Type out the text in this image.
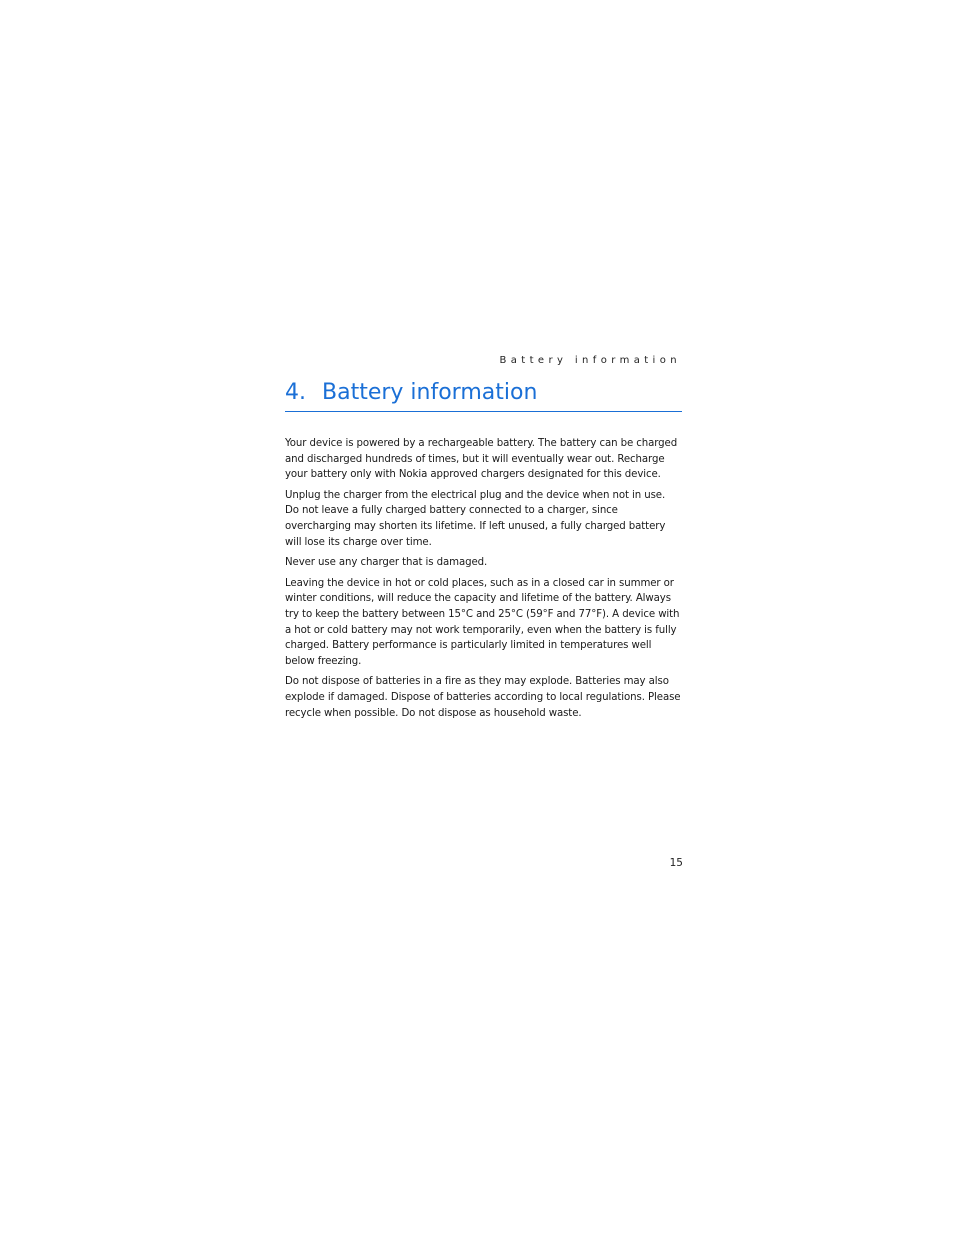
Battery information
4. Battery information

Your device is powered by a rechargeable battery. The battery can be charged and discharged hundreds of times, but it will eventually wear out. Recharge your battery only with Nokia approved chargers designated for this device.

Unplug the charger from the electrical plug and the device when not in use. Do not leave a fully charged battery connected to a charger, since overcharging may shorten its lifetime. If left unused, a fully charged battery will lose its charge over time.

Never use any charger that is damaged.

Leaving the device in hot or cold places, such as in a closed car in summer or winter conditions, will reduce the capacity and lifetime of the battery. Always try to keep the battery between 15°C and 25°C (59°F and 77°F). A device with a hot or cold battery may not work temporarily, even when the battery is fully charged. Battery performance is particularly limited in temperatures well below freezing.

Do not dispose of batteries in a fire as they may explode. Batteries may also explode if damaged. Dispose of batteries according to local regulations. Please recycle when possible. Do not dispose as household waste.

15
